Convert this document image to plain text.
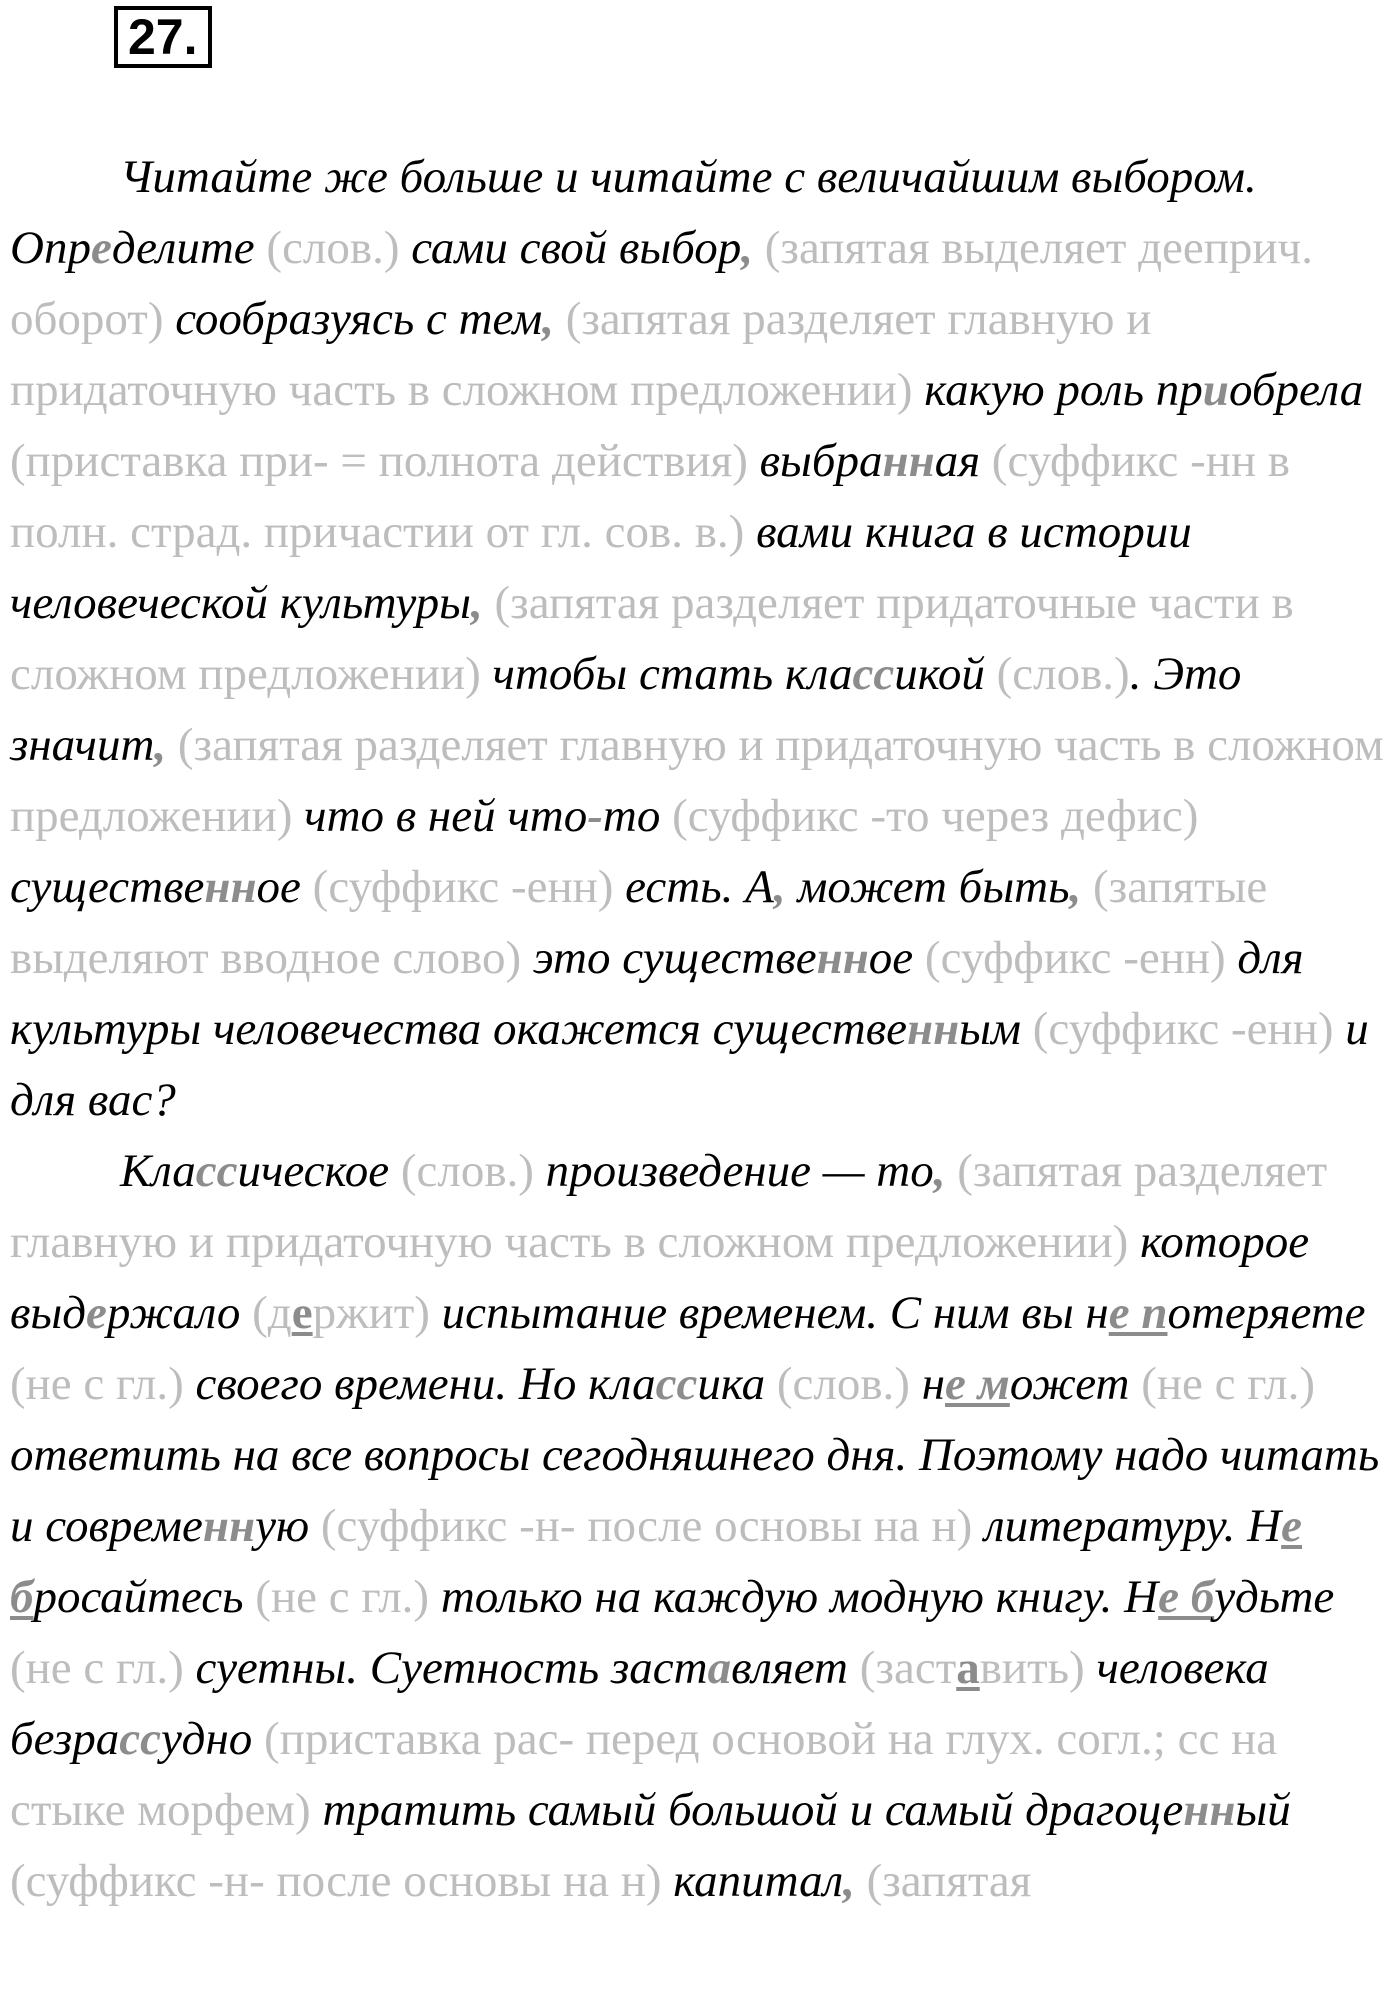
27.

Читайте же больше и читайте с величайшим выбором. Определите (слов.) сами свой выбор, (запятая выделяет дееприч. оборот) сообразуясь с тем, (запятая разделяет главную и придаточную часть в сложном предложении) какую роль приобрела (приставка при- = полнота действия) выбранная (суффикс -нн в полн. страд. причастии от гл. сов. в.) вами книга в истории человеческой культуры, (запятая разделяет придаточные части в сложном предложении) чтобы стать классикой (слов.). Это значит, (запятая разделяет главную и придаточную часть в сложном предложении) что в ней что-то (суффикс -то через дефис) существенное (суффикс -енн) есть. А, может быть, (запятые выделяют вводное слово) это существенное (суффикс -енн) для культуры человечества окажется существенным (суффикс -енн) и для вас?

Классическое (слов.) произведение — то, (запятая разделяет главную и придаточную часть в сложном предложении) которое выдержало (держит) испытание временем. С ним вы не потеряете (не с гл.) своего времени. Но классика (слов.) не может (не с гл.) ответить на все вопросы сегодняшнего дня. Поэтому надо читать и современную (суффикс -н- после основы на н) литературу. Не бросайтесь (не с гл.) только на каждую модную книгу. Не будьте (не с гл.) суетны. Суетность заставляет (заставить) человека безрассудно (приставка рас- перед основой на глух. согл.; сс на стыке морфем) тратить самый большой и самый драгоценный (суффикс -н- после основы на н) капитал, (запятая
